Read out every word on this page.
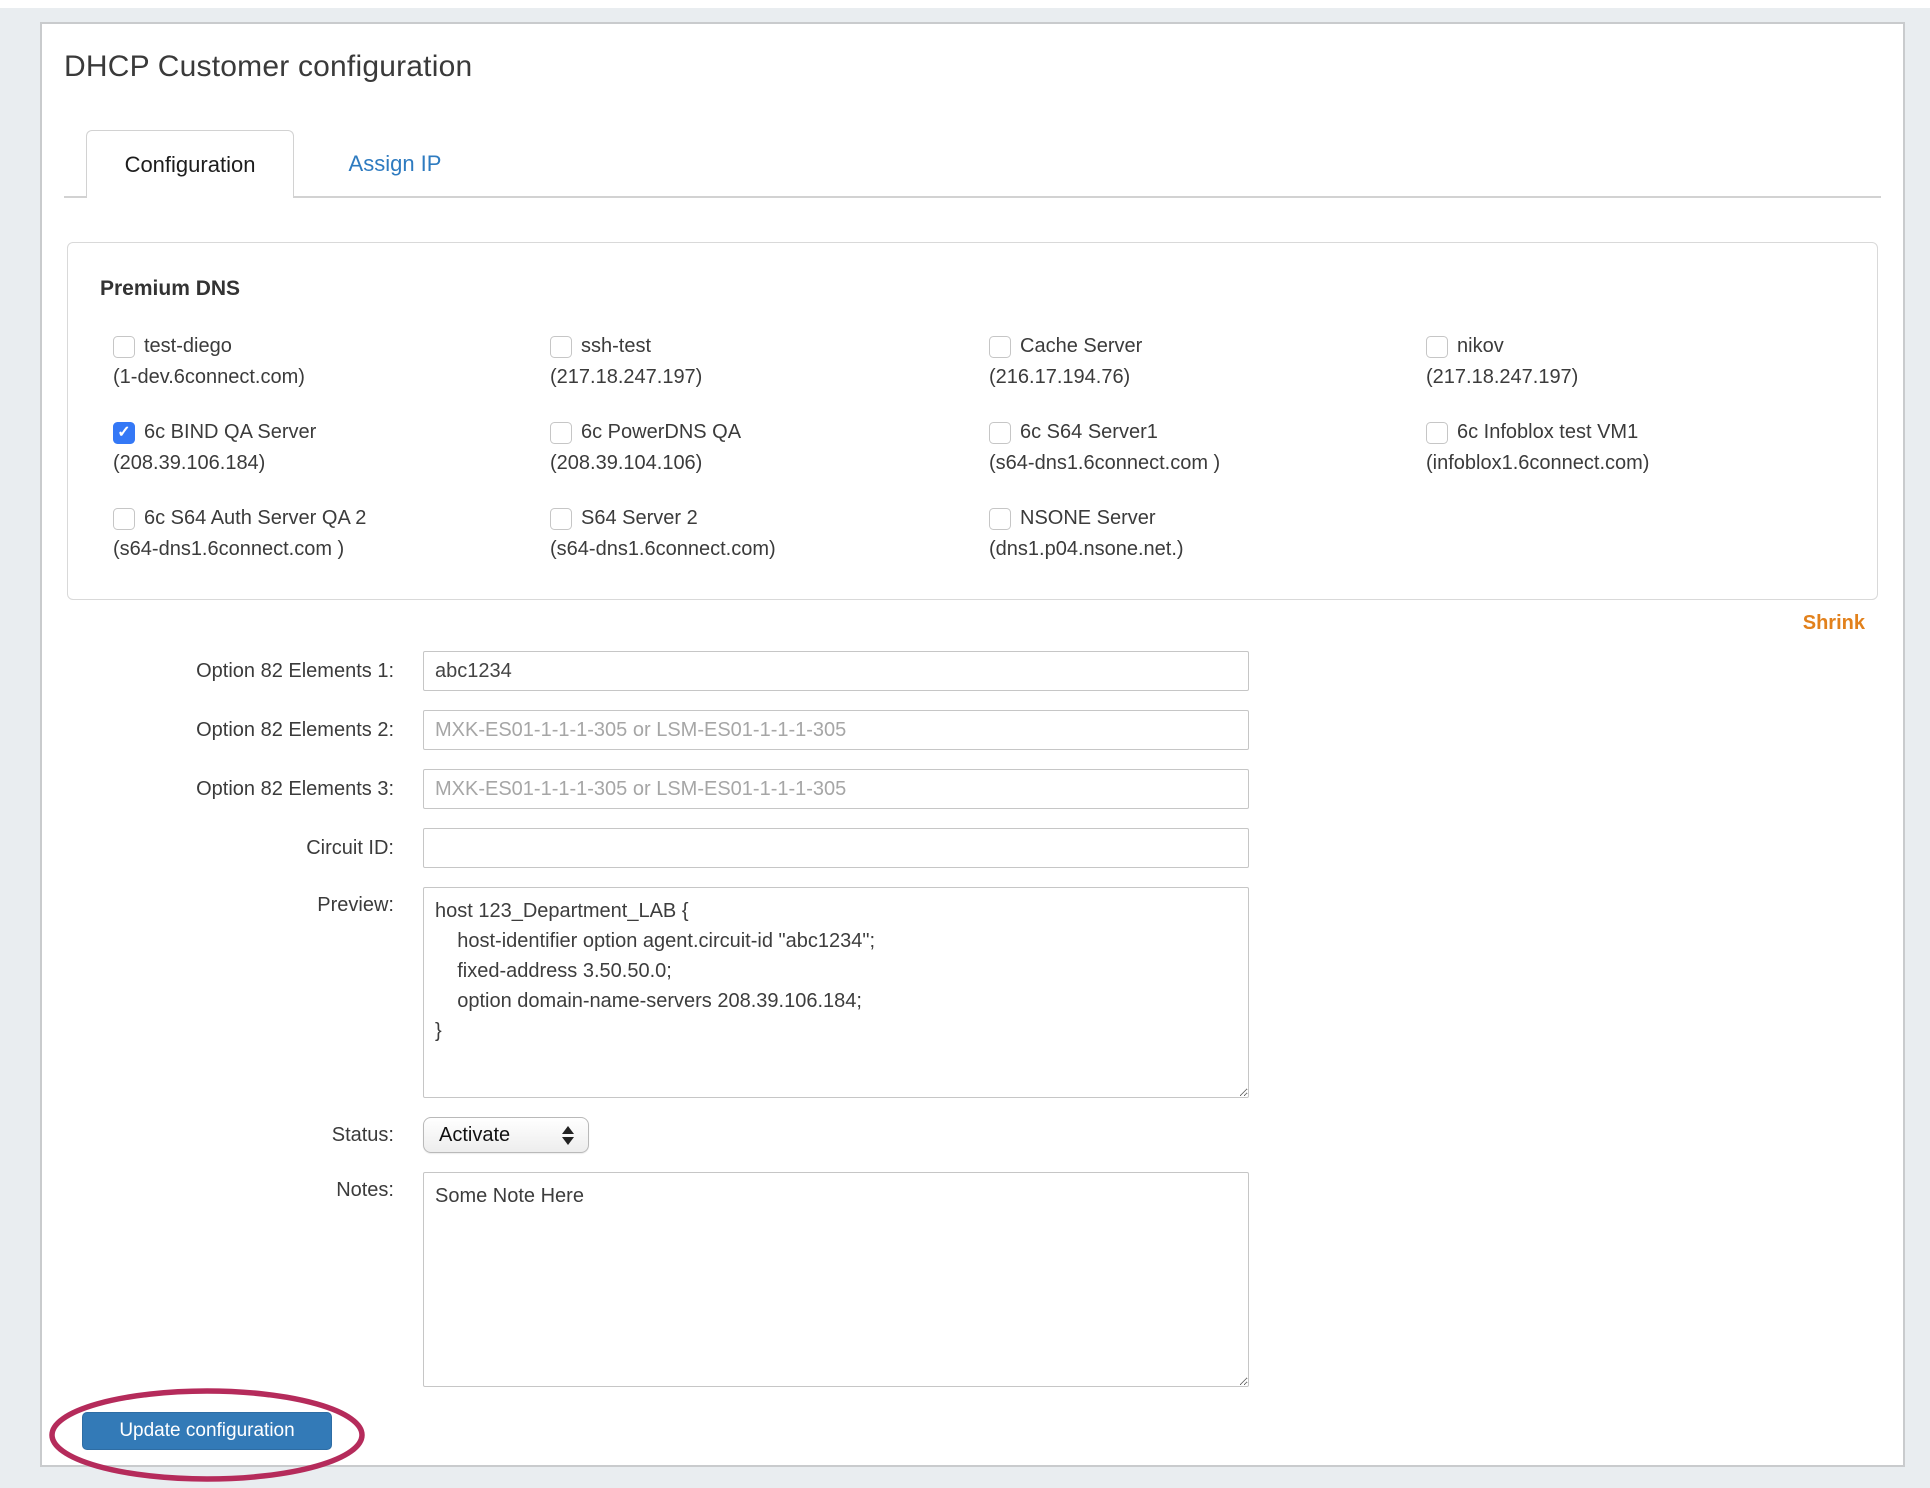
DHCP Customer configuration
Configuration	Assign IP
Premium DNS
test-diego
(1-dev.6connect.com)
ssh-test
(217.18.247.197)
Cache Server
(216.17.194.76)
nikov
(217.18.247.197)
✓
6c BIND QA Server
(208.39.106.184)
6c PowerDNS QA
(208.39.104.106)
6c S64 Server1
(s64-dns1.6connect.com )
6c Infoblox test VM1
(infoblox1.6connect.com)
6c S64 Auth Server QA 2
(s64-dns1.6connect.com )
S64 Server 2
(s64-dns1.6connect.com)
NSONE Server
(dns1.p04.nsone.net.)
Shrink
Option 82 Elements 1:
abc1234
Option 82 Elements 2:
MXK-ES01-1-1-1-305 or LSM-ES01-1-1-1-305
Option 82 Elements 3:
MXK-ES01-1-1-1-305 or LSM-ES01-1-1-1-305
Circuit ID:
Preview:
host 123_Department_LAB { host-identifier option agent.circuit-id "abc1234"; fixed-address 3.50.50.0; option domain-name-servers 208.39.106.184; }
Status: Activate
Notes:
Some Note Here
Update configuration
